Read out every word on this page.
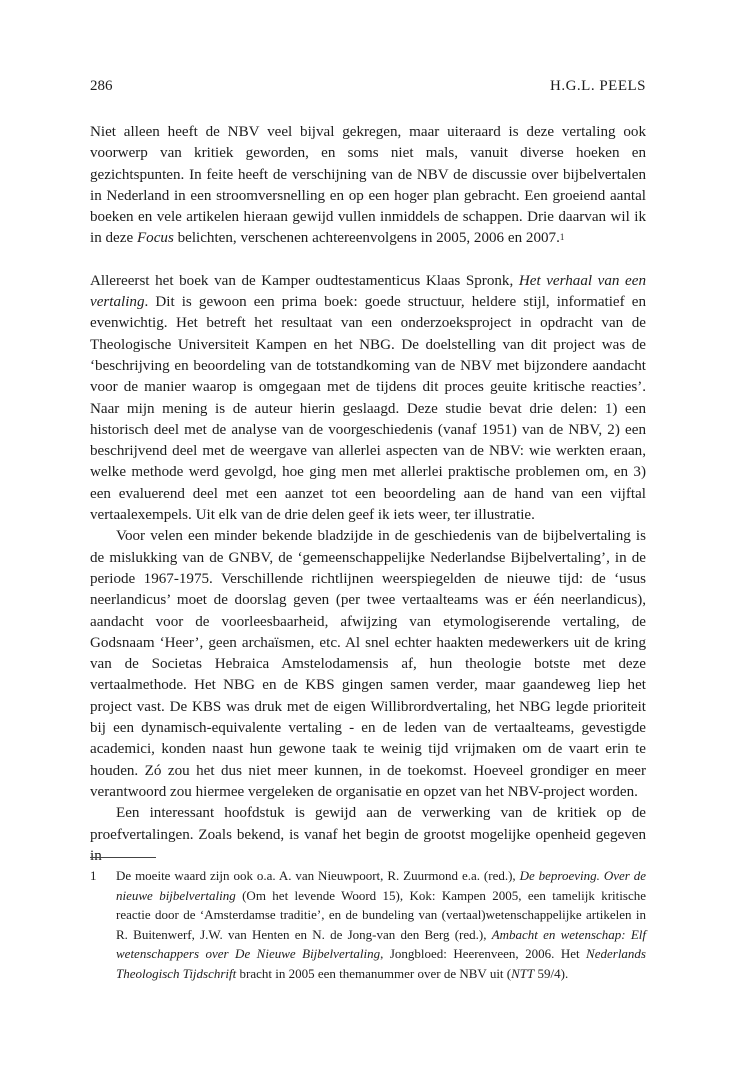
286	H.G.L. PEELS

Niet alleen heeft de NBV veel bijval gekregen, maar uiteraard is deze vertaling ook voorwerp van kritiek geworden, en soms niet mals, vanuit diverse hoeken en gezichtspunten. In feite heeft de verschijning van de NBV de discussie over bijbelvertalen in Nederland in een stroomversnelling en op een hoger plan gebracht. Een groeiend aantal boeken en vele artikelen hieraan gewijd vullen inmiddels de schappen. Drie daarvan wil ik in deze Focus belichten, verschenen achtereenvolgens in 2005, 2006 en 2007.$^1$

Allereerst het boek van de Kamper oudtestamenticus Klaas Spronk, Het verhaal van een vertaling. Dit is gewoon een prima boek: goede structuur, heldere stijl, informatief en evenwichtig. Het betreft het resultaat van een onderzoeksproject in opdracht van de Theologische Universiteit Kampen en het NBG. De doelstelling van dit project was de ‘beschrijving en beoordeling van de totstandkoming van de NBV met bijzondere aandacht voor de manier waarop is omgegaan met de tijdens dit proces geuite kritische reacties’. Naar mijn mening is de auteur hierin geslaagd. Deze studie bevat drie delen: 1) een historisch deel met de analyse van de voorgeschiedenis (vanaf 1951) van de NBV, 2) een beschrijvend deel met de weergave van allerlei aspecten van de NBV: wie werkten eraan, welke methode werd gevolgd, hoe ging men met allerlei praktische problemen om, en 3) een evaluerend deel met een aanzet tot een beoordeling aan de hand van een vijftal vertaalexempels. Uit elk van de drie delen geef ik iets weer, ter illustratie.

Voor velen een minder bekende bladzijde in de geschiedenis van de bijbelvertaling is de mislukking van de GNBV, de ‘gemeenschappelijke Nederlandse Bijbelvertaling’, in de periode 1967-1975. Verschillende richtlijnen weerspiegelden de nieuwe tijd: de ‘usus neerlandicus’ moet de doorslag geven (per twee vertaalteams was er één neerlandicus), aandacht voor de voorleesbaarheid, afwijzing van etymologiserende vertaling, de Godsnaam ‘Heer’, geen archaïsmen, etc. Al snel echter haakten medewerkers uit de kring van de Societas Hebraica Amstelodamensis af, hun theologie botste met deze vertaalmethode. Het NBG en de KBS gingen samen verder, maar gaandeweg liep het project vast. De KBS was druk met de eigen Willibrordvertaling, het NBG legde prioriteit bij een dynamisch-equivalente vertaling - en de leden van de vertaalteams, gevestigde academici, konden naast hun gewone taak te weinig tijd vrijmaken om de vaart erin te houden. Zó zou het dus niet meer kunnen, in de toekomst. Hoeveel grondiger en meer verantwoord zou hiermee vergeleken de organisatie en opzet van het NBV-project worden.

Een interessant hoofdstuk is gewijd aan de verwerking van de kritiek op de proefvertalingen. Zoals bekend, is vanaf het begin de grootst mogelijke openheid gegeven in

1 De moeite waard zijn ook o.a. A. van Nieuwpoort, R. Zuurmond e.a. (red.), De beproeving. Over de nieuwe bijbelvertaling (Om het levende Woord 15), Kok: Kampen 2005, een tamelijk kritische reactie door de ‘Amsterdamse traditie’, en de bundeling van (vertaal)wetenschappelijke artikelen in R. Buitenwerf, J.W. van Henten en N. de Jong-van den Berg (red.), Ambacht en wetenschap: Elf wetenschappers over De Nieuwe Bijbelvertaling, Jongbloed: Heerenveen, 2006. Het Nederlands Theologisch Tijdschrift bracht in 2005 een themanummer over de NBV uit (NTT 59/4).
